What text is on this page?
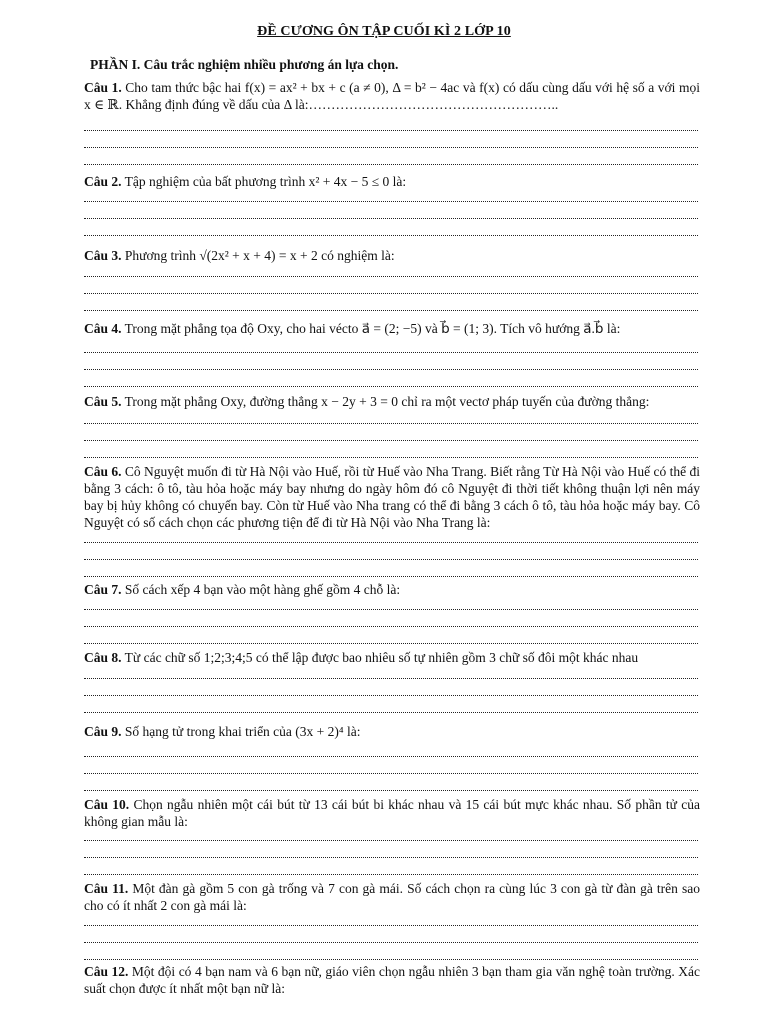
ĐỀ CƯƠNG ÔN TẬP CUỐI KÌ 2 LỚP 10
PHẦN I. Câu trắc nghiệm nhiều phương án lựa chọn.
Câu 1. Cho tam thức bậc hai f(x) = ax² + bx + c (a ≠ 0), Δ = b² − 4ac và f(x) có dấu cùng dấu với hệ số a với mọi x ∈ ℝ. Khẳng định đúng về dấu của Δ là:………………………………………………..
Câu 2. Tập nghiệm của bất phương trình x² + 4x − 5 ≤ 0 là:
Câu 3. Phương trình √(2x² + x + 4) = x + 2 có nghiệm là:
Câu 4. Trong mặt phẳng tọa độ Oxy, cho hai vécto a⃗ = (2; −5) và b⃗ = (1; 3). Tích vô hướng a⃗.b⃗ là:
Câu 5. Trong mặt phẳng Oxy, đường thẳng x − 2y + 3 = 0 chỉ ra một vectơ pháp tuyến của đường thẳng:
Câu 6. Cô Nguyệt muốn đi từ Hà Nội vào Huế, rồi từ Huế vào Nha Trang. Biết rằng Từ Hà Nội vào Huế có thể đi bằng 3 cách: ô tô, tàu hỏa hoặc máy bay nhưng do ngày hôm đó cô Nguyệt đi thời tiết không thuận lợi nên máy bay bị hủy không có chuyến bay. Còn từ Huế vào Nha trang có thể đi bằng 3 cách ô tô, tàu hỏa hoặc máy bay. Cô Nguyệt có số cách chọn các phương tiện để đi từ Hà Nội vào Nha Trang là:
Câu 7. Số cách xếp 4 bạn vào một hàng ghế gồm 4 chỗ là:
Câu 8. Từ các chữ số 1;2;3;4;5 có thể lập được bao nhiêu số tự nhiên gồm 3 chữ số đôi một khác nhau
Câu 9. Số hạng tử trong khai triển của (3x + 2)⁴ là:
Câu 10. Chọn ngẫu nhiên một cái bút từ 13 cái bút bi khác nhau và 15 cái bút mực khác nhau. Số phần tử của không gian mẫu là:
Câu 11. Một đàn gà gồm 5 con gà trống và 7 con gà mái. Số cách chọn ra cùng lúc 3 con gà từ đàn gà trên sao cho có ít nhất 2 con gà mái là:
Câu 12. Một đội có 4 bạn nam và 6 bạn nữ, giáo viên chọn ngẫu nhiên 3 bạn tham gia văn nghệ toàn trường. Xác suất chọn được ít nhất một bạn nữ là:
